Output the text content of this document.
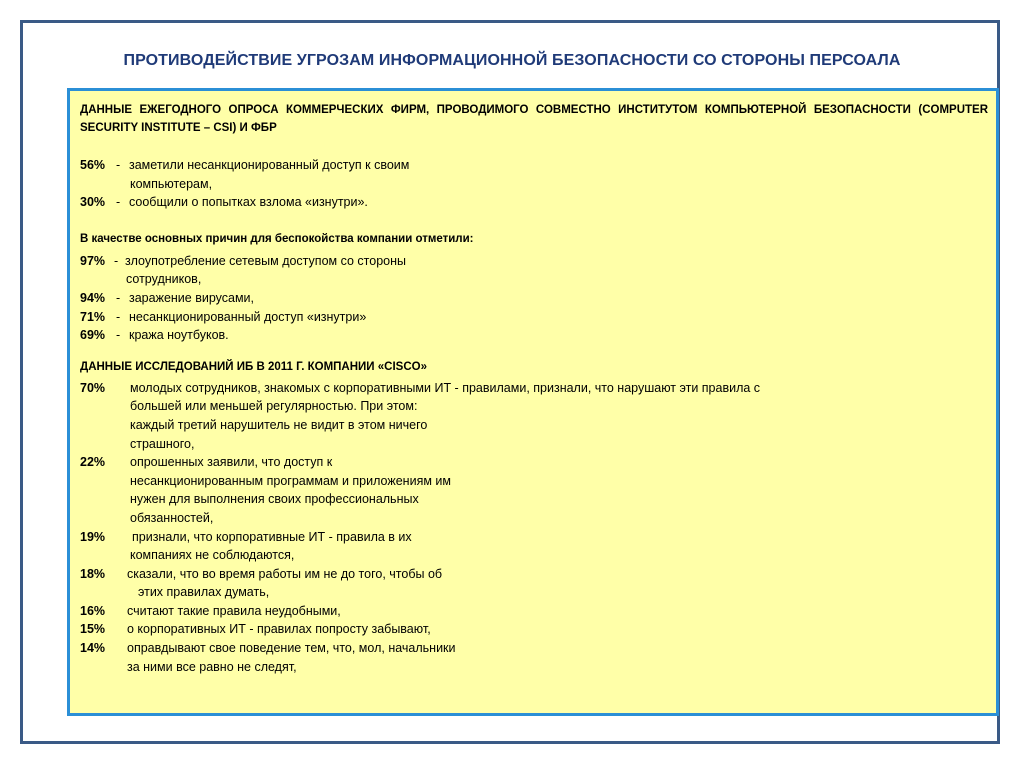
ПРОТИВОДЕЙСТВИЕ УГРОЗАМ ИНФОРМАЦИОННОЙ БЕЗОПАСНОСТИ СО СТОРОНЫ ПЕРСОАЛА
ДАННЫЕ ЕЖЕГОДНОГО ОПРОСА КОММЕРЧЕСКИХ ФИРМ, ПРОВОДИМОГО СОВМЕСТНО ИНСТИТУТОМ КОМПЬЮТЕРНОЙ БЕЗОПАСНОСТИ (COMPUTER SECURITY INSTITUTE – CSI) И ФБР
56% - заметили несанкционированный доступ к своим
компьютерам,
30% - сообщили о попытках взлома «изнутри».
В качестве основных причин для беспокойства компании отметили:
97% - злоупотребление сетевым доступом со стороны
сотрудников,
94% - заражение вирусами,
71% - несанкционированный доступ «изнутри»
69% - кража ноутбуков.
ДАННЫЕ ИССЛЕДОВАНИЙ ИБ В 2011 Г. КОМПАНИИ «CISCO»
70% молодых сотрудников, знакомых с корпоративными ИТ - правилами, признали, что нарушают эти правила с
большей или меньшей регулярностью. При этом:
каждый третий нарушитель не видит в этом ничего
страшного,
22% опрошенных заявили, что доступ к
несанкционированным программам и приложениям им
нужен для выполнения своих профессиональных
обязанностей,
19% признали, что корпоративные ИТ - правила в их
компаниях не соблюдаются,
18% сказали, что во время работы им не до того, чтобы об
этих правилах думать,
16% считают такие правила неудобными,
15% о корпоративных ИТ - правилах попросту забывают,
14% оправдывают свое поведение тем, что, мол, начальники
за ними все равно не следят,
